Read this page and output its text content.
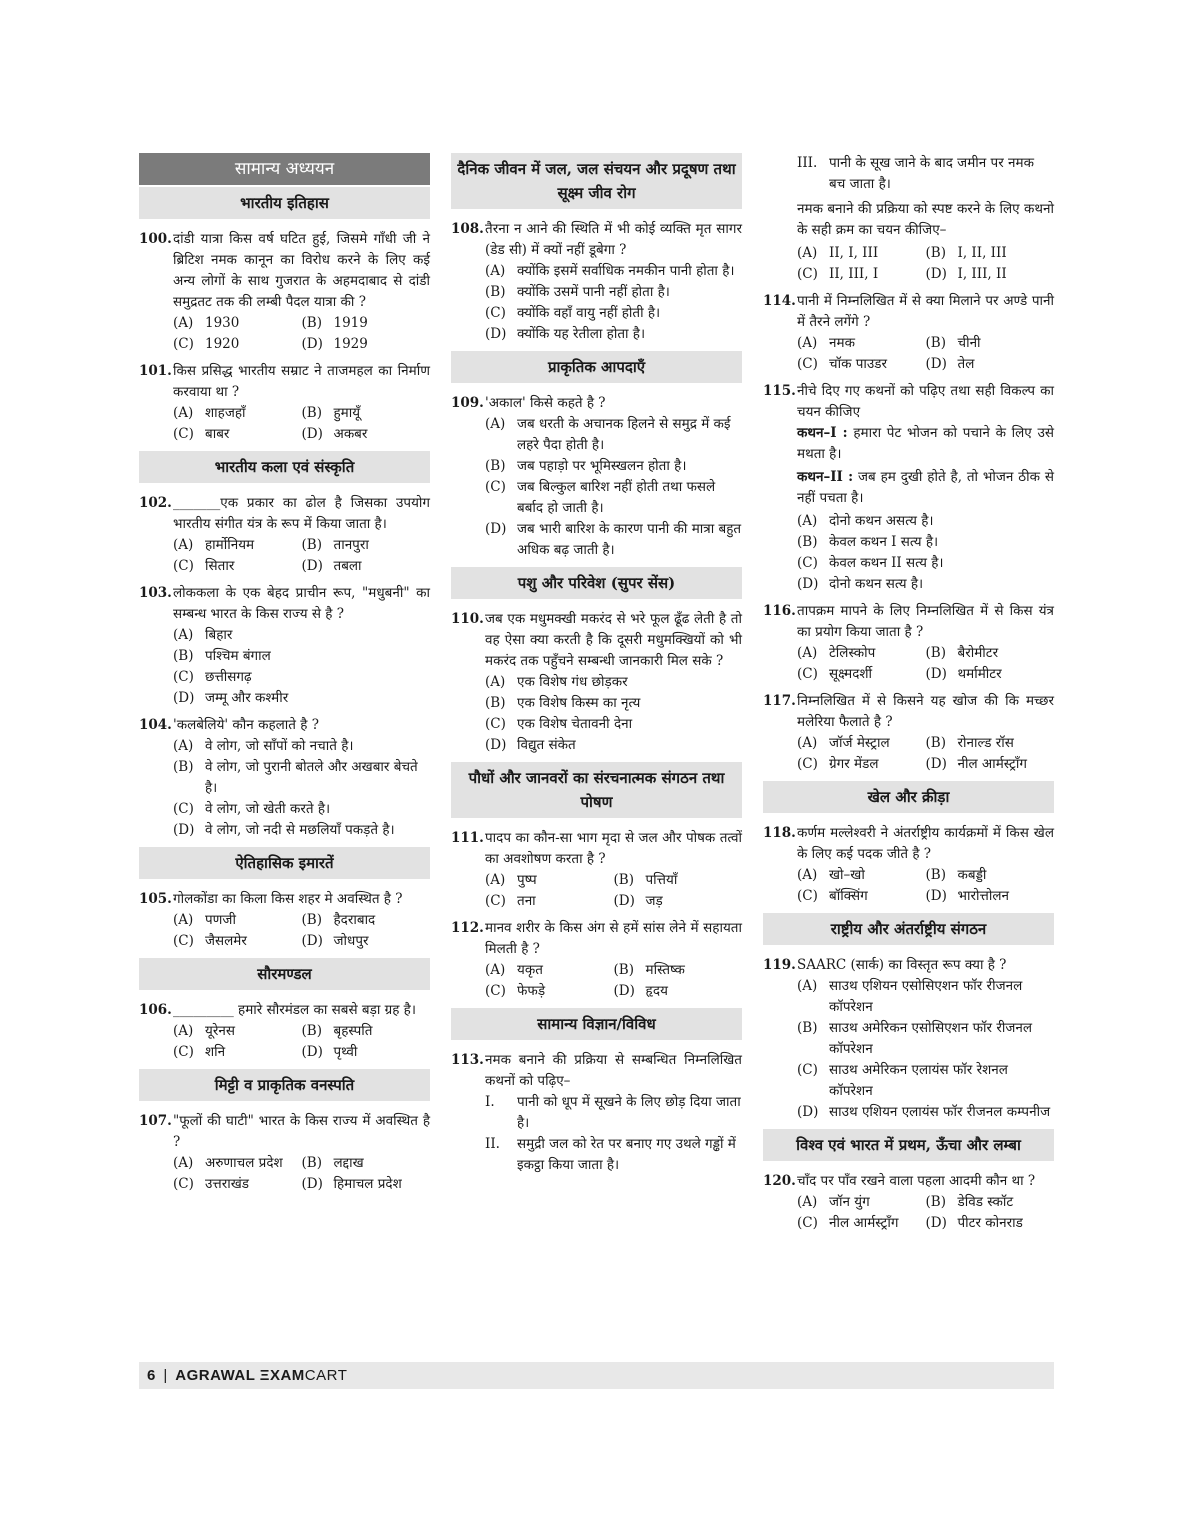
सामान्य अध्ययन
भारतीय इतिहास
100. दांडी यात्रा किस वर्ष घटित हुई, जिसमे गाँधी जी ने ब्रिटिश नमक कानून का विरोध करने के लिए कई अन्य लोगों के साथ गुजरात के अहमदाबाद से दांडी समुद्रतट तक की लम्बी पैदल यात्रा की ?
(A) 1930	(B) 1919
(C) 1920	(D) 1929
101. किस प्रसिद्ध भारतीय सम्राट ने ताजमहल का निर्माण करवाया था ?
(A) शाहजहाँ	(B) हुमायूँ
(C) बाबर	(D) अकबर
भारतीय कला एवं संस्कृति
102. _______एक प्रकार का ढोल है जिसका उपयोग भारतीय संगीत यंत्र के रूप में किया जाता है।
(A) हार्मोनियम	(B) तानपुरा
(C) सितार	(D) तबला
103. लोककला के एक बेहद प्राचीन रूप, "मधुबनी" का सम्बन्ध भारत के किस राज्य से है ?
(A) बिहार
(B) पश्चिम बंगाल
(C) छत्तीसगढ़
(D) जम्मू और कश्मीर
104. 'कलबेलिये' कौन कहलाते है ?
(A) वे लोग, जो साँपों को नचाते है।
(B) वे लोग, जो पुरानी बोतले और अखबार बेचते है।
(C) वे लोग, जो खेती करते है।
(D) वे लोग, जो नदी से मछलियाँ पकड़ते है।
ऐतिहासिक इमारतें
105. गोलकोंडा का किला किस शहर मे अवस्थित है ?
(A) पणजी	(B) हैदराबाद
(C) जैसलमेर	(D) जोधपुर
सौरमण्डल
106. _________ हमारे सौरमंडल का सबसे बड़ा ग्रह है।
(A) यूरेनस	(B) बृहस्पति
(C) शनि	(D) पृथ्वी
मिट्टी व प्राकृतिक वनस्पति
107. "फूलों की घाटी" भारत के किस राज्य में अवस्थित है ?
(A) अरुणाचल प्रदेश (B) लद्दाख
(C) उत्तराखंड	(D) हिमाचल प्रदेश
दैनिक जीवन में जल, जल संचयन और प्रदूषण तथा सूक्ष्म जीव रोग
108. तैरना न आने की स्थिति में भी कोई व्यक्ति मृत सागर (डेड सी) में क्यों नहीं डूबेगा ?
(A) क्योंकि इसमें सर्वाधिक नमकीन पानी होता है।
(B) क्योंकि उसमें पानी नहीं होता है।
(C) क्योंकि वहाँ वायु नहीं होती है।
(D) क्योंकि यह रेतीला होता है।
प्राकृतिक आपदाएँ
109. 'अकाल' किसे कहते है ?
(A) जब धरती के अचानक हिलने से समुद्र में कई लहरे पैदा होती है।
(B) जब पहाड़ो पर भूमिस्खलन होता है।
(C) जब बिल्कुल बारिश नहीं होती तथा फसले बर्बाद हो जाती है।
(D) जब भारी बारिश के कारण पानी की मात्रा बहुत अधिक बढ़ जाती है।
पशु और परिवेश (सुपर सेंस)
110. जब एक मधुमक्खी मकरंद से भरे फूल ढूँढ लेती है तो वह ऐसा क्या करती है कि दूसरी मधुमक्खियों को भी मकरंद तक पहुँचने सम्बन्धी जानकारी मिल सके ?
(A) एक विशेष गंध छोड़कर
(B) एक विशेष किस्म का नृत्य
(C) एक विशेष चेतावनी देना
(D) विद्युत संकेत
पौधों और जानवरों का संरचनात्मक संगठन तथा पोषण
111. पादप का कौन-सा भाग मृदा से जल और पोषक तत्वों का अवशोषण करता है ?
(A) पुष्प	(B) पत्तियाँ
(C) तना	(D) जड़
112. मानव शरीर के किस अंग से हमें सांस लेने में सहायता मिलती है ?
(A) यकृत	(B) मस्तिष्क
(C) फेफड़े	(D) हृदय
सामान्य विज्ञान/विविध
113. नमक बनाने की प्रक्रिया से सम्बन्धित निम्नलिखित कथनों को पढ़िए–
I.	पानी को धूप में सूखने के लिए छोड़ दिया जाता है।
II.	समुद्री जल को रेत पर बनाए गए उथले गड्ढों में इकट्ठा किया जाता है।
III. पानी के सूख जाने के बाद जमीन पर नमक बच जाता है।
नमक बनाने की प्रक्रिया को स्पष्ट करने के लिए कथनो के सही क्रम का चयन कीजिए–
(A) II, I, III	(B) I, II, III
(C) II, III, I	(D) I, III, II
114. पानी में निम्नलिखित में से क्या मिलाने पर अण्डे पानी में तैरने लगेंगे ?
(A) नमक	(B) चीनी
(C) चॉक पाउडर	(D) तेल
115. नीचे दिए गए कथनों को पढ़िए तथा सही विकल्प का चयन कीजिए
कथन–I : हमारा पेट भोजन को पचाने के लिए उसे मथता है।
कथन–II : जब हम दुखी होते है, तो भोजन ठीक से नहीं पचता है।
(A) दोनो कथन असत्य है।
(B) केवल कथन I सत्य है।
(C) केवल कथन II सत्य है।
(D) दोनो कथन सत्य है।
116. तापक्रम मापने के लिए निम्नलिखित में से किस यंत्र का प्रयोग किया जाता है ?
(A) टेलिस्कोप	(B) बैरोमीटर
(C) सूक्ष्मदर्शी	(D) थर्मामीटर
117. निम्नलिखित में से किसने यह खोज की कि मच्छर मलेरिया फैलाते है ?
(A) जॉर्ज मेस्ट्राल	(B) रोनाल्ड रॉस
(C) ग्रेगर मेंडल	(D) नील आर्मस्ट्रॉंग
खेल और क्रीड़ा
118. कर्णम मल्लेश्वरी ने अंतर्राष्ट्रीय कार्यक्रमों में किस खेल के लिए कई पदक जीते है ?
(A) खो–खो	(B) कबड्डी
(C) बॉक्सिंग	(D) भारोत्तोलन
राष्ट्रीय और अंतर्राष्ट्रीय संगठन
119. SAARC (सार्क) का विस्तृत रूप क्या है ?
(A) साउथ एशियन एसोसिएशन फॉर रीजनल कॉपरेशन
(B) साउथ अमेरिकन एसोसिएशन फॉर रीजनल कॉपरेशन
(C) साउथ अमेरिकन एलायंस फॉर रेशनल कॉपरेशन
(D) साउथ एशियन एलायंस फॉर रीजनल कम्पनीज
विश्व एवं भारत में प्रथम, ऊँचा और लम्बा
120. चाँद पर पाँव रखने वाला पहला आदमी कौन था ?
(A) जॉन युंग	(B) डेविड स्कॉट
(C) नील आर्मस्ट्रॉंग (D) पीटर कोनराड
6 | AGRAWAL ΞXAM CART
